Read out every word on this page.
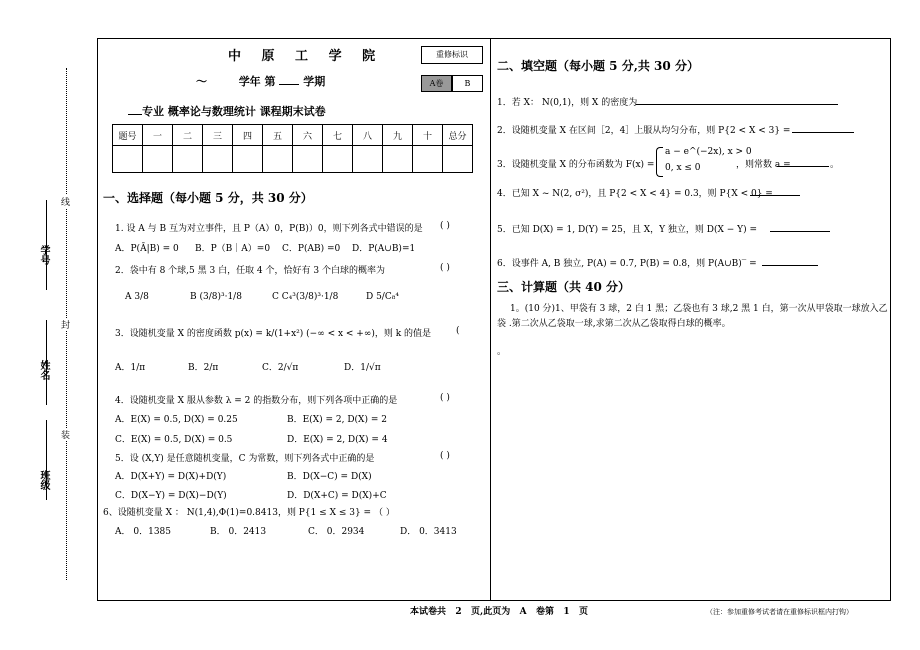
线
封
装
学号
姓名
班级
中 原 工 学 院
～	学年 第	学期
专业 概率论与数理统计 课程期末试卷
重修标识
A卷	B
题号	一	二	三	四	五	六	七	八	九	十	总分

一、选择题（每小题 5 分，共 30 分）
1. 设 A 与 B 互为对立事件，且 P（A）0，P(B)）0，则下列各式中错误的是 ( )
A．P(Ā|B) = 0 B．P（B｜A）=0 C．P(AB) =0 D．P(A∪B)=1
2．袋中有 8 个球,5 黑 3 白，任取 4 个，恰好有 3 个白球的概率为	( )
A 3/8	B (3/8)³·1/8	C C₄³(3/8)³·1/8	D 5/C₈⁴
3．设随机变量 X 的密度函数 p(x) = k/(1+x²) (−∞ < x < +∞)，则 k 的值是	(
A．1/π	B．2/π	C．2/√π	D．1/√π
4．设随机变量 X 服从参数 λ = 2 的指数分布，则下列各项中正确的是	( )
A．E(X) = 0.5, D(X) = 0.25	B．E(X) = 2, D(X) = 2
C．E(X) = 0.5, D(X) = 0.5	D．E(X) = 2, D(X) = 4
5．设 (X,Y) 是任意随机变量，C 为常数，则下列各式中正确的是	( )
A．D(X+Y) = D(X)+D(Y)	B．D(X−C) = D(X)
C．D(X−Y) = D(X)−D(Y)	D．D(X+C) = D(X)+C
6、设随机变量 X ： N(1,4),Φ(1)=0.8413，则 P{1 ≤ X ≤ 3} = （ ）
A． 0．1385	B． 0．2413	C． 0．2934	D． 0．3413
二、填空题（每小题 5 分,共 30 分）
1．若 X： N(0,1)，则 X 的密度为
2．设随机变量 X 在区间［2，4］上服从均匀分布，则 P{2 < X < 3} =
3．设随机变量 X 的分布函数为 F(x) =
a − e^(−2x), x > 0
0, x ≤ 0	，则常数 a =	。
4．已知 X ~ N(2, σ²)，且 P{2 < X < 4} = 0.3，则 P{X < 0} =
5．已知 D(X) = 1, D(Y) = 25，且 X，Y 独立，则 D(X − Y) =
6．设事件 A, B 独立, P(A) = 0.7, P(B) = 0.8，则 P(A∪B)‾ =
三、计算题（共 40 分）
1。(10 分)1、甲袋有 3 球，2 白 1 黑；乙袋也有 3 球,2 黑 1 白，第一次从甲袋取一球放入乙
袋 .第二次从乙袋取一球,求第二次从乙袋取得白球的概率。
。
本试卷共   2   页,此页为   A   卷第   1   页	（注：参加重修考试者请在重修标识框内打钩）
